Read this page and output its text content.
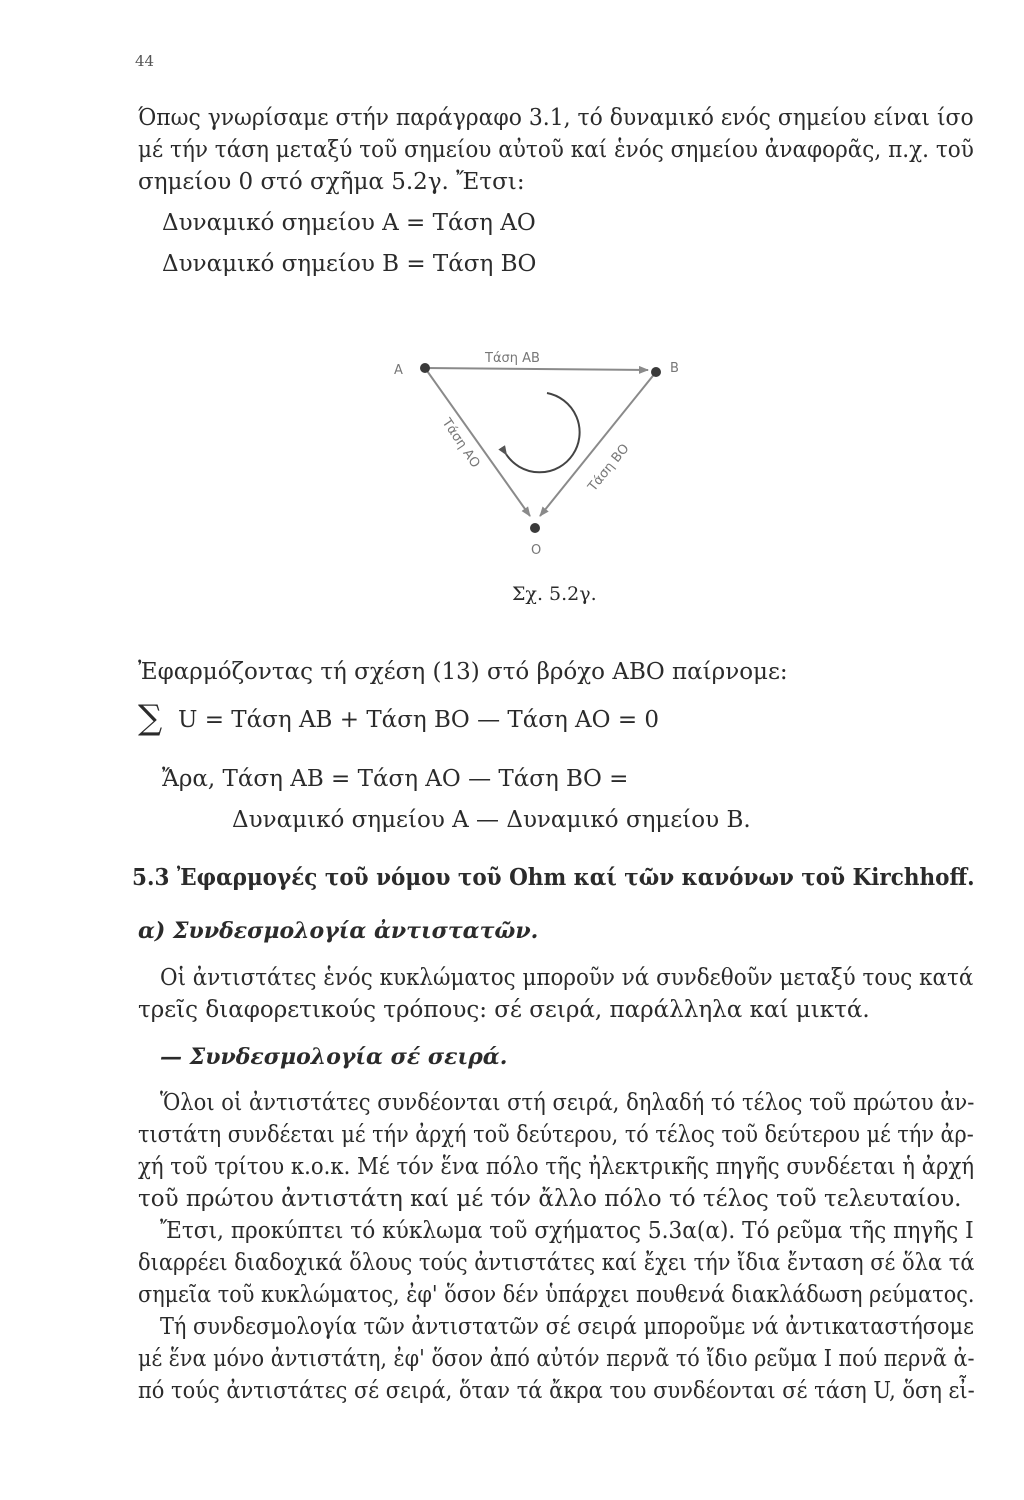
44
Όπως γνωρίσαμε στήν παράγραφο 3.1, τό δυναμικό ενός σημείου είναι ίσο
μέ τήν τάση μεταξύ τοῦ σημείου αὐτοῦ καί ἑνός σημείου ἀναφορᾶς, π.χ. τοῦ
σημείου 0 στό σχῆμα 5.2γ. Ἔτσι:
Δυναμικό σημείου Α = Τάση ΑΟ
Δυναμικό σημείου Β = Τάση ΒΟ
A	B
O
Τάση ΑΒ
Τάση ΑΟ	Τάση ΒΟ
Σχ. 5.2γ.
Ἐφαρμόζοντας τή σχέση (13) στό βρόχο ΑΒΟ παίρνομε:
∑ U = Τάση ΑΒ + Τάση ΒΟ — Τάση ΑΟ = 0
Ἄρα, Τάση ΑΒ = Τάση ΑΟ — Τάση ΒΟ =
Δυναμικό σημείου Α — Δυναμικό σημείου Β.
5.3 Ἐφαρμογές τοῦ νόμου τοῦ Ohm καί τῶν κανόνων τοῦ Kirchhoff.
α) Συνδεσμολογία ἀντιστατῶν.
Οἱ ἀντιστάτες ἑνός κυκλώματος μποροῦν νά συνδεθοῦν μεταξύ τους κατά
τρεῖς διαφορετικούς τρόπους: σέ σειρά, παράλληλα καί μικτά.
— Συνδεσμολογία σέ σειρά.
Ὅλοι οἱ ἀντιστάτες συνδέονται στή σειρά, δηλαδή τό τέλος τοῦ πρώτου ἀν-
τιστάτη συνδέεται μέ τήν ἀρχή τοῦ δεύτερου, τό τέλος τοῦ δεύτερου μέ τήν ἀρ-
χή τοῦ τρίτου κ.ο.κ. Μέ τόν ἕνα πόλο τῆς ἠλεκτρικῆς πηγῆς συνδέεται ἡ ἀρχή
τοῦ πρώτου ἀντιστάτη καί μέ τόν ἄλλο πόλο τό τέλος τοῦ τελευταίου.
Ἔτσι, προκύπτει τό κύκλωμα τοῦ σχήματος 5.3α(α). Τό ρεῦμα τῆς πηγῆς Ι
διαρρέει διαδοχικά ὅλους τούς ἀντιστάτες καί ἔχει τήν ἴδια ἔνταση σέ ὅλα τά
σημεῖα τοῦ κυκλώματος, ἐφ' ὅσον δέν ὑπάρχει πουθενά διακλάδωση ρεύματος.
Τή συνδεσμολογία τῶν ἀντιστατῶν σέ σειρά μποροῦμε νά ἀντικαταστήσομε
μέ ἕνα μόνο ἀντιστάτη, ἐφ' ὅσον ἀπό αὐτόν περνᾶ τό ἴδιο ρεῦμα Ι πού περνᾶ ἀ-
πό τούς ἀντιστάτες σέ σειρά, ὅταν τά ἄκρα του συνδέονται σέ τάση U, ὅση εἶ-
